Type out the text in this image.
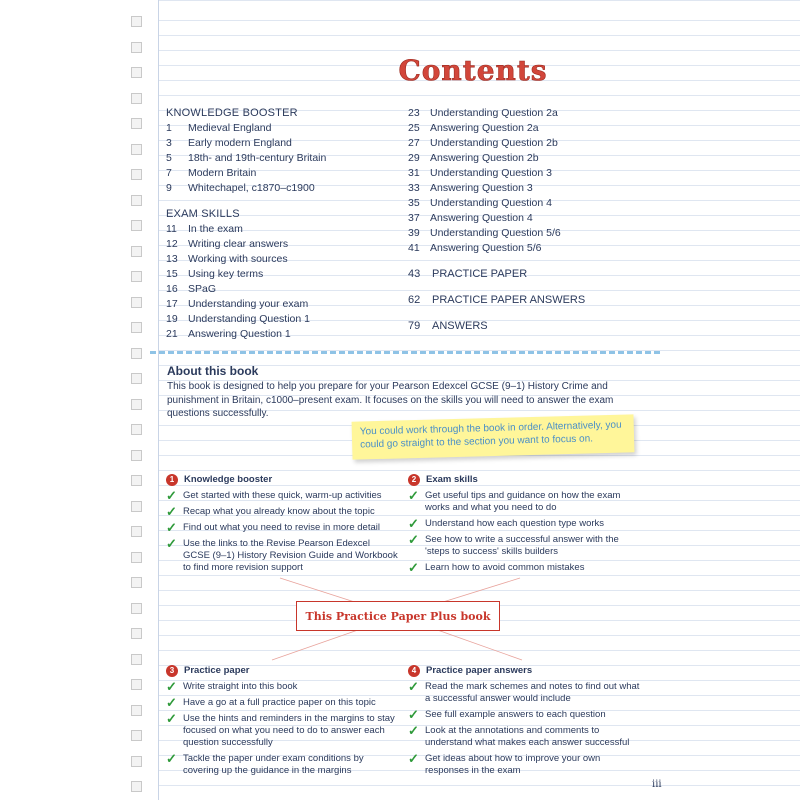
Contents
KNOWLEDGE BOOSTER
1 Medieval England
3 Early modern England
5 18th- and 19th-century Britain
7 Modern Britain
9 Whitechapel, c1870–c1900
EXAM SKILLS
11 In the exam
12 Writing clear answers
13 Working with sources
15 Using key terms
16 SPaG
17 Understanding your exam
19 Understanding Question 1
21 Answering Question 1
23 Understanding Question 2a
25 Answering Question 2a
27 Understanding Question 2b
29 Answering Question 2b
31 Understanding Question 3
33 Answering Question 3
35 Understanding Question 4
37 Answering Question 4
39 Understanding Question 5/6
41 Answering Question 5/6
43 PRACTICE PAPER
62 PRACTICE PAPER ANSWERS
79 ANSWERS
About this book
This book is designed to help you prepare for your Pearson Edexcel GCSE (9–1) History Crime and punishment in Britain, c1000–present exam. It focuses on the skills you will need to answer the exam questions successfully.
You could work through the book in order. Alternatively, you could go straight to the section you want to focus on.
This Practice Paper Plus book
1	Knowledge booster
✓ Get started with these quick, warm-up activities
✓ Recap what you already know about the topic
✓ Find out what you need to revise in more detail
✓ Use the links to the Revise Pearson Edexcel GCSE (9–1) History Revision Guide and Workbook to find more revision support
2	Exam skills
✓ Get useful tips and guidance on how the exam works and what you need to do
✓ Understand how each question type works
✓ See how to write a successful answer with the 'steps to success' skills builders
✓ Learn how to avoid common mistakes
3	Practice paper
✓ Write straight into this book
✓ Have a go at a full practice paper on this topic
✓ Use the hints and reminders in the margins to stay focused on what you need to do to answer each question successfully
✓ Tackle the paper under exam conditions by covering up the guidance in the margins
4	Practice paper answers
✓ Read the mark schemes and notes to find out what a successful answer would include
✓ See full example answers to each question
✓ Look at the annotations and comments to understand what makes each answer successful
✓ Get ideas about how to improve your own responses in the exam
iii
